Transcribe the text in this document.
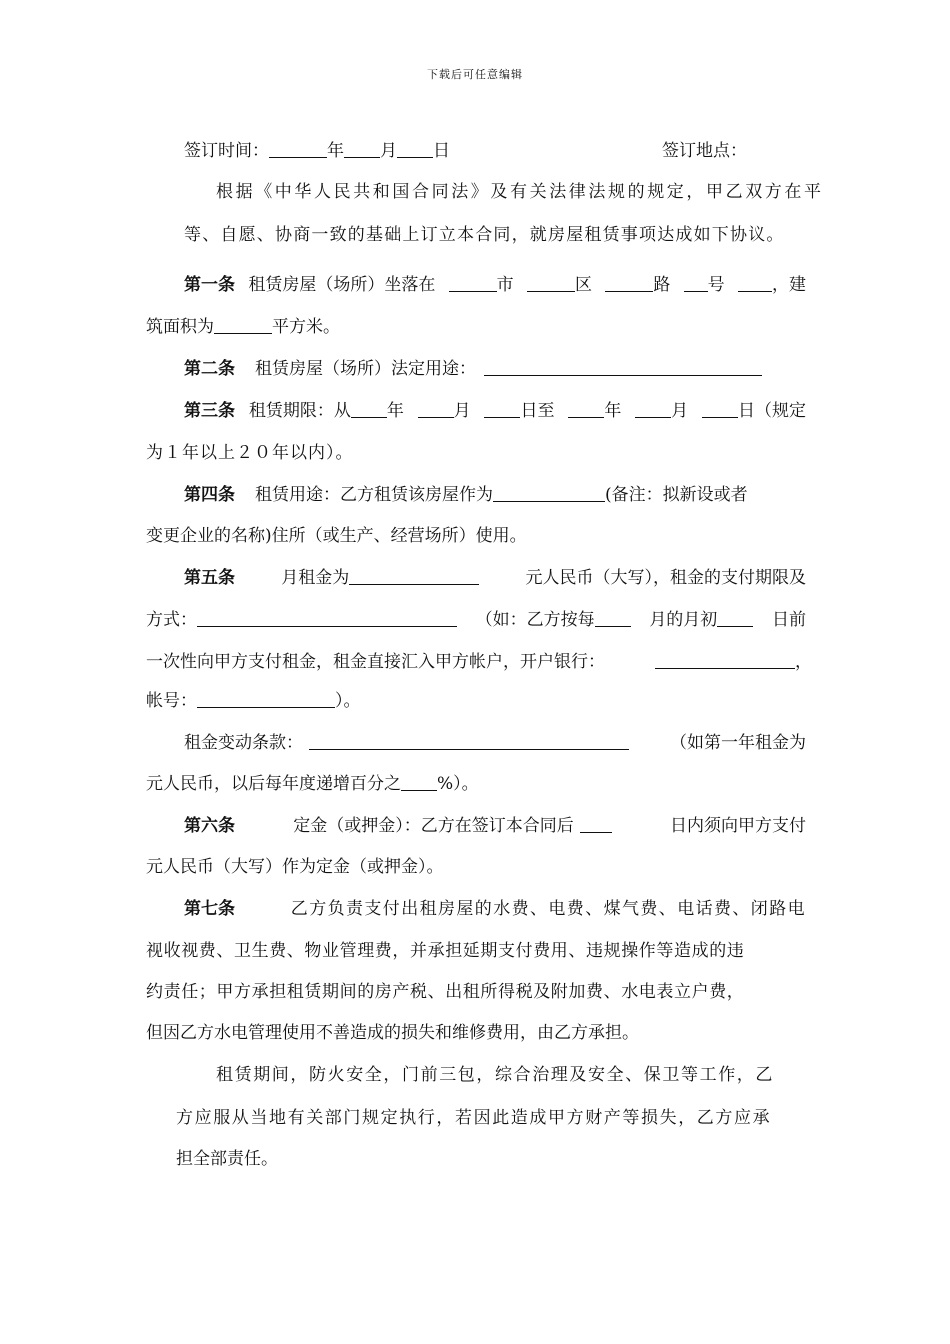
下载后可任意编辑
签订时间：	年 月 日	签订地点：
根据《中华人民共和国合同法》及有关法律法规的规定，甲乙双方在平
等、自愿、协商一致的基础上订立本合同，就房屋租赁事项达成如下协议。
第一条 租赁房屋（场所）坐落在	市	区	路	号	，建
筑面积为	平方米。
第二条 租赁房屋（场所）法定用途：
第三条 租赁期限：从 年	月	日至	年	月	日（规定
为１年以上２０年以内）。
第四条 租赁用途：乙方租赁该房屋作为	(备注：拟新设或者
变更企业的名称)住所（或生产、经营场所）使用。
第五条	月租金为	元人民币（大写），租金的支付期限及
方式：	（如：乙方按每	月的月初	日前
一次性向甲方支付租金，租金直接汇入甲方帐户，开户银行：	，
帐号：	）。
租金变动条款：	（如第一年租金为
元人民币，以后每年度递增百分之 %）。
第六条	定金（或押金）：乙方在签订本合同后	日内须向甲方支付
元人民币（大写）作为定金（或押金）。
第七条	乙方负责支付出租房屋的水费、电费、煤气费、电话费、闭路电
视收视费、卫生费、物业管理费，并承担延期支付费用、违规操作等造成的违
约责任；甲方承担租赁期间的房产税、出租所得税及附加费、水电表立户费，
但因乙方水电管理使用不善造成的损失和维修费用，由乙方承担。
租赁期间，防火安全，门前三包，综合治理及安全、保卫等工作，乙
方应服从当地有关部门规定执行，若因此造成甲方财产等损失，乙方应承
担全部责任。
